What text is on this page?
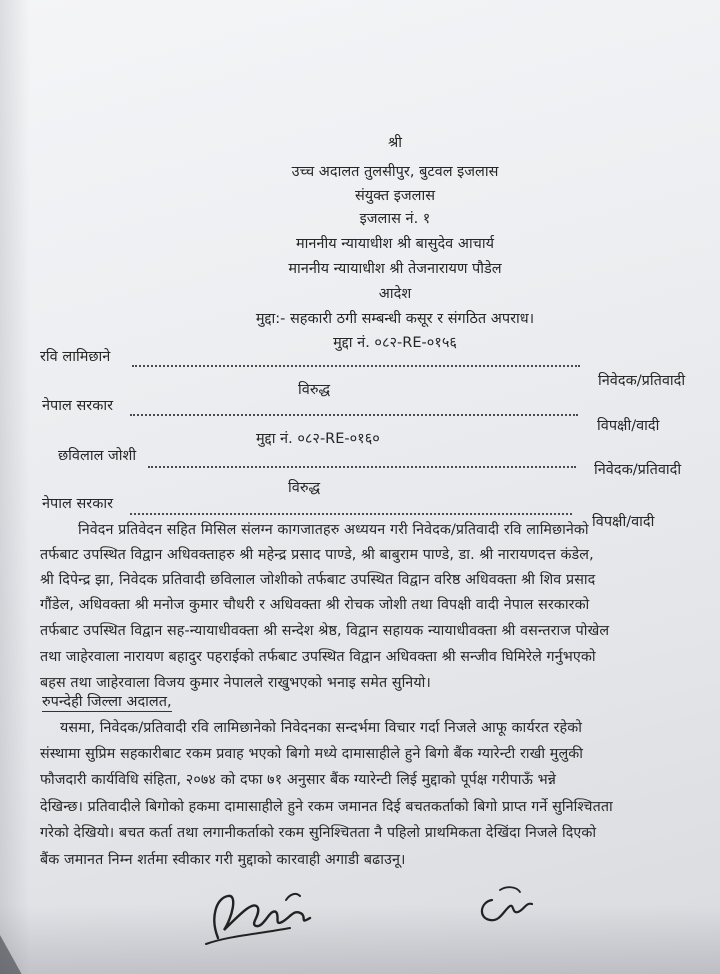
श्री
उच्च अदालत तुलसीपुर, बुटवल इजलास
संयुक्त इजलास
इजलास नं. १
माननीय न्यायाधीश श्री बासुदेव आचार्य
माननीय न्यायाधीश श्री तेजनारायण पौडेल
आदेश
मुद्दा:- सहकारी ठगी सम्बन्धी कसूर र संगठित अपराध।
मुद्दा नं. ०८२-RE-०१५६
रवि लामिछाने
निवेदक/प्रतिवादी
विरुद्ध
नेपाल सरकार
विपक्षी/वादी
मुद्दा नं. ०८२-RE-०१६०
छविलाल जोशी
निवेदक/प्रतिवादी
विरुद्ध
नेपाल सरकार
विपक्षी/वादी
निवेदन प्रतिवेदन सहित मिसिल संलग्न कागजातहरु अध्ययन गरी निवेदक/प्रतिवादी रवि लामिछानेको
तर्फबाट उपस्थित विद्वान अधिवक्ताहरु श्री महेन्द्र प्रसाद पाण्डे, श्री बाबुराम पाण्डे, डा. श्री नारायणदत्त कंडेल,
श्री दिपेन्द्र झा, निवेदक प्रतिवादी छविलाल जोशीको तर्फबाट उपस्थित विद्वान वरिष्ठ अधिवक्ता श्री शिव प्रसाद
गौंडेल, अधिवक्ता श्री मनोज कुमार चौधरी र अधिवक्ता श्री रोचक जोशी तथा विपक्षी वादी नेपाल सरकारको
तर्फबाट उपस्थित विद्वान सह-न्यायाधीवक्ता श्री सन्देश श्रेष्ठ, विद्वान सहायक न्यायाधीवक्ता श्री वसन्तराज पोखेल
तथा जाहेरवाला नारायण बहादुर पहराईको तर्फबाट उपस्थित विद्वान अधिवक्ता श्री सन्जीव घिमिरेले गर्नुभएको
बहस तथा जाहेरवाला विजय कुमार नेपालले राखुभएको भनाइ समेत सुनियो।
रुपन्देही जिल्ला अदालत,
यसमा, निवेदक/प्रतिवादी रवि लामिछानेको निवेदनका सन्दर्भमा विचार गर्दा निजले आफू कार्यरत रहेको
संस्थामा सुप्रिम सहकारीबाट रकम प्रवाह भएको बिगो मध्ये दामासाहीले हुने बिगो बैंक ग्यारेन्टी राखी मुलुकी
फौजदारी कार्यविधि संहिता, २०७४ को दफा ७१ अनुसार बैंक ग्यारेन्टी लिई मुद्दाको पूर्पक्ष गरीपाऊँ भन्ने
देखिन्छ। प्रतिवादीले बिगोको हकमा दामासाहीले हुने रकम जमानत दिई बचतकर्ताको बिगो प्राप्त गर्ने सुनिश्चितता
गरेको देखियो। बचत कर्ता तथा लगानीकर्ताको रकम सुनिश्चितता नै पहिलो प्राथमिकता देखिंदा निजले दिएको
बैंक जमानत निम्न शर्तमा स्वीकार गरी मुद्दाको कारवाही अगाडी बढाउनू।
